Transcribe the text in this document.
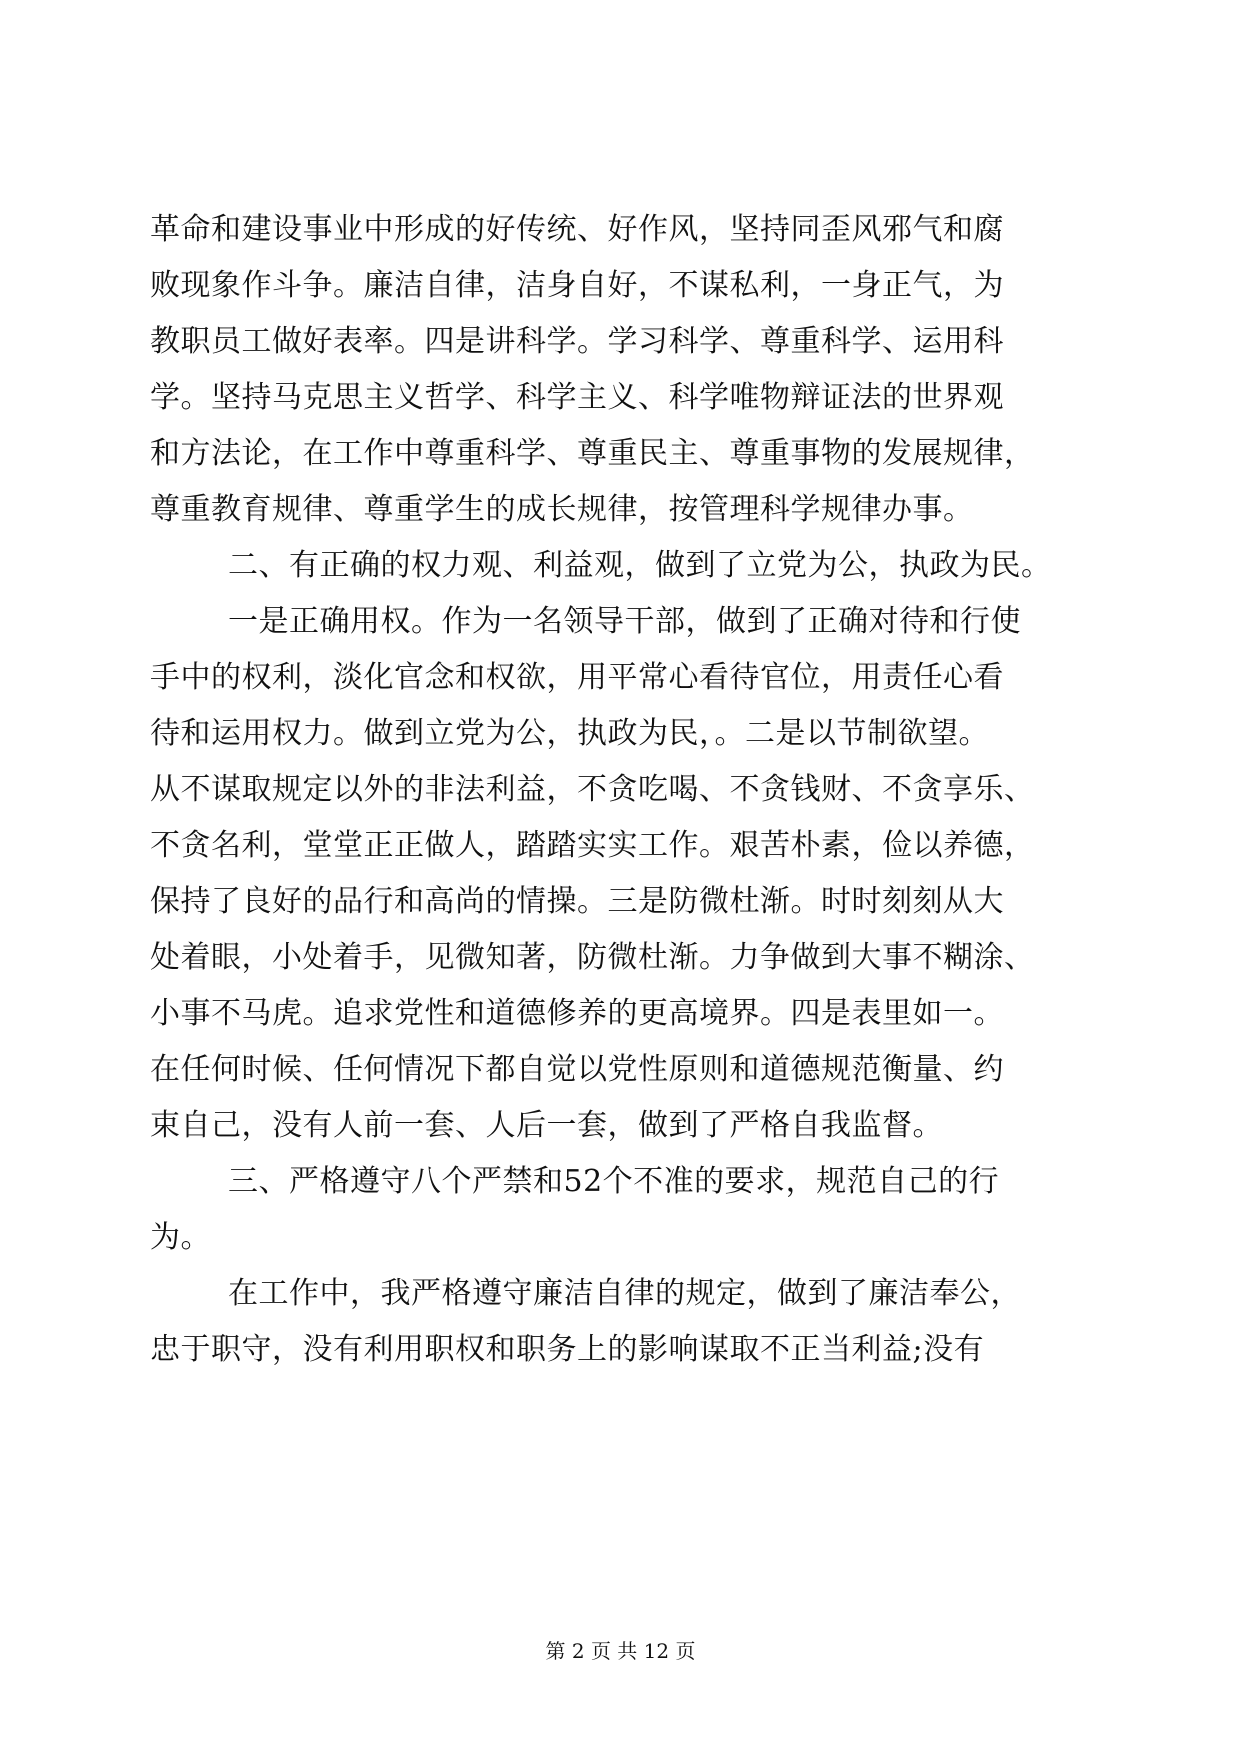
革命和建设事业中形成的好传统、好作风，坚持同歪风邪气和腐
败现象作斗争。廉洁自律，洁身自好，不谋私利，一身正气，为
教职员工做好表率。四是讲科学。学习科学、尊重科学、运用科
学。坚持马克思主义哲学、科学主义、科学唯物辩证法的世界观
和方法论，在工作中尊重科学、尊重民主、尊重事物的发展规律，
尊重教育规律、尊重学生的成长规律，按管理科学规律办事。
二、有正确的权力观、利益观，做到了立党为公，执政为民。
一是正确用权。作为一名领导干部，做到了正确对待和行使
手中的权利，淡化官念和权欲，用平常心看待官位，用责任心看
待和运用权力。做到立党为公，执政为民，。二是以节制欲望。
从不谋取规定以外的非法利益，不贪吃喝、不贪钱财、不贪享乐、
不贪名利，堂堂正正做人，踏踏实实工作。艰苦朴素，俭以养德，
保持了良好的品行和高尚的情操。三是防微杜渐。时时刻刻从大
处着眼，小处着手，见微知著，防微杜渐。力争做到大事不糊涂、
小事不马虎。追求党性和道德修养的更高境界。四是表里如一。
在任何时候、任何情况下都自觉以党性原则和道德规范衡量、约
束自己，没有人前一套、人后一套，做到了严格自我监督。
三、严格遵守八个严禁和52个不准的要求，规范自己的行
为。
在工作中，我严格遵守廉洁自律的规定，做到了廉洁奉公，
忠于职守，没有利用职权和职务上的影响谋取不正当利益;没有
第 2 页 共 12 页
